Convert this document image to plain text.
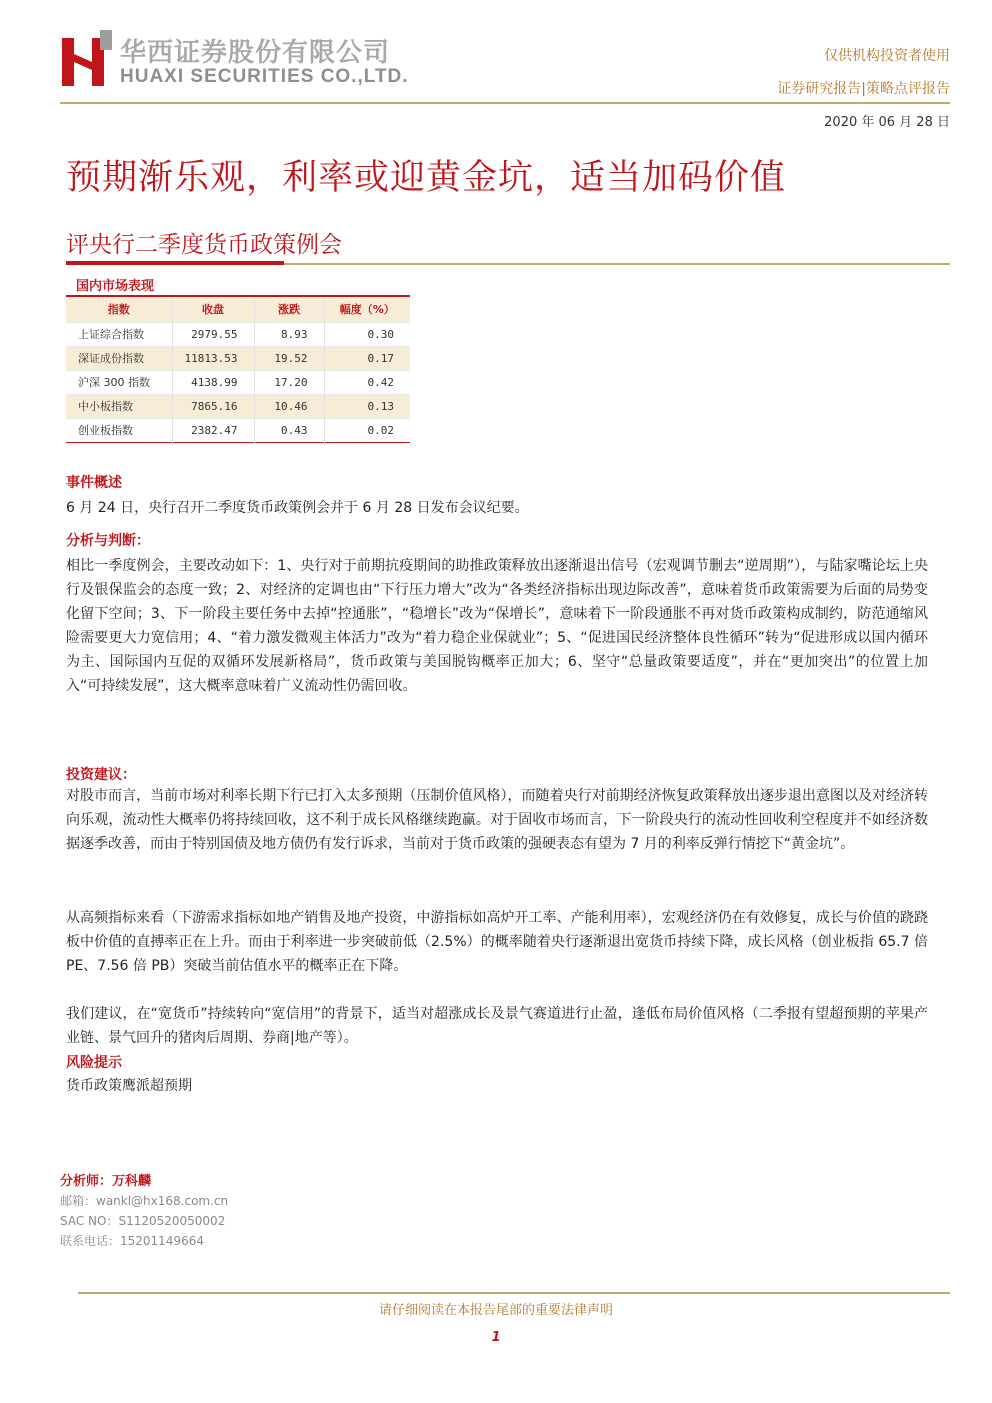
华西证券股份有限公司
HUAXI SECURITIES CO.,LTD.
仅供机构投资者使用
证券研究报告|策略点评报告
2020 年 06 月 28 日
预期渐乐观，利率或迎黄金坑，适当加码价值
评央行二季度货币政策例会
国内市场表现
指数	收盘	涨跌	幅度（%）
上证综合指数	2979.55	8.93	0.30
深证成份指数	11813.53	19.52	0.17
沪深 300 指数	4138.99	17.20	0.42
中小板指数	7865.16	10.46	0.13
创业板指数	2382.47	0.43	0.02
事件概述
6 月 24 日，央行召开二季度货币政策例会并于 6 月 28 日发布会议纪要。
分析与判断：
相比一季度例会，主要改动如下：1、央行对于前期抗疫期间的助推政策释放出逐渐退出信号（宏观调节删去“逆周期”），与陆家嘴论坛上央行及银保监会的态度一致；2、对经济的定调也由“下行压力增大”改为“各类经济指标出现边际改善”，意味着货币政策需要为后面的局势变化留下空间；3、下一阶段主要任务中去掉“控通胀”，“稳增长”改为“保增长”，意味着下一阶段通胀不再对货币政策构成制约，防范通缩风险需要更大力宽信用；4、“着力激发微观主体活力”改为“着力稳企业保就业”；5、“促进国民经济整体良性循环”转为“促进形成以国内循环为主、国际国内互促的双循环发展新格局”，货币政策与美国脱钩概率正加大；6、坚守“总量政策要适度”，并在“更加突出”的位置上加入“可持续发展”，这大概率意味着广义流动性仍需回收。
投资建议：
对股市而言，当前市场对利率长期下行已打入太多预期（压制价值风格），而随着央行对前期经济恢复政策释放出逐步退出意图以及对经济转向乐观，流动性大概率仍将持续回收，这不利于成长风格继续跑赢。对于固收市场而言，下一阶段央行的流动性回收利空程度并不如经济数据逐季改善，而由于特别国债及地方债仍有发行诉求，当前对于货币政策的强硬表态有望为 7 月的利率反弹行情挖下“黄金坑”。
从高频指标来看（下游需求指标如地产销售及地产投资，中游指标如高炉开工率、产能利用率），宏观经济仍在有效修复，成长与价值的跷跷板中价值的直搏率正在上升。而由于利率进一步突破前低（2.5%）的概率随着央行逐渐退出宽货币持续下降，成长风格（创业板指 65.7 倍 PE、7.56 倍 PB）突破当前估值水平的概率正在下降。
我们建议，在“宽货币”持续转向“宽信用”的背景下，适当对超涨成长及景气赛道进行止盈，逢低布局价值风格（二季报有望超预期的苹果产业链、景气回升的猪肉后周期、券商|地产等）。
风险提示
货币政策鹰派超预期
分析师：万科麟
邮箱：wankl@hx168.com.cn
SAC NO：S1120520050002
联系电话：15201149664
请仔细阅读在本报告尾部的重要法律声明
1
